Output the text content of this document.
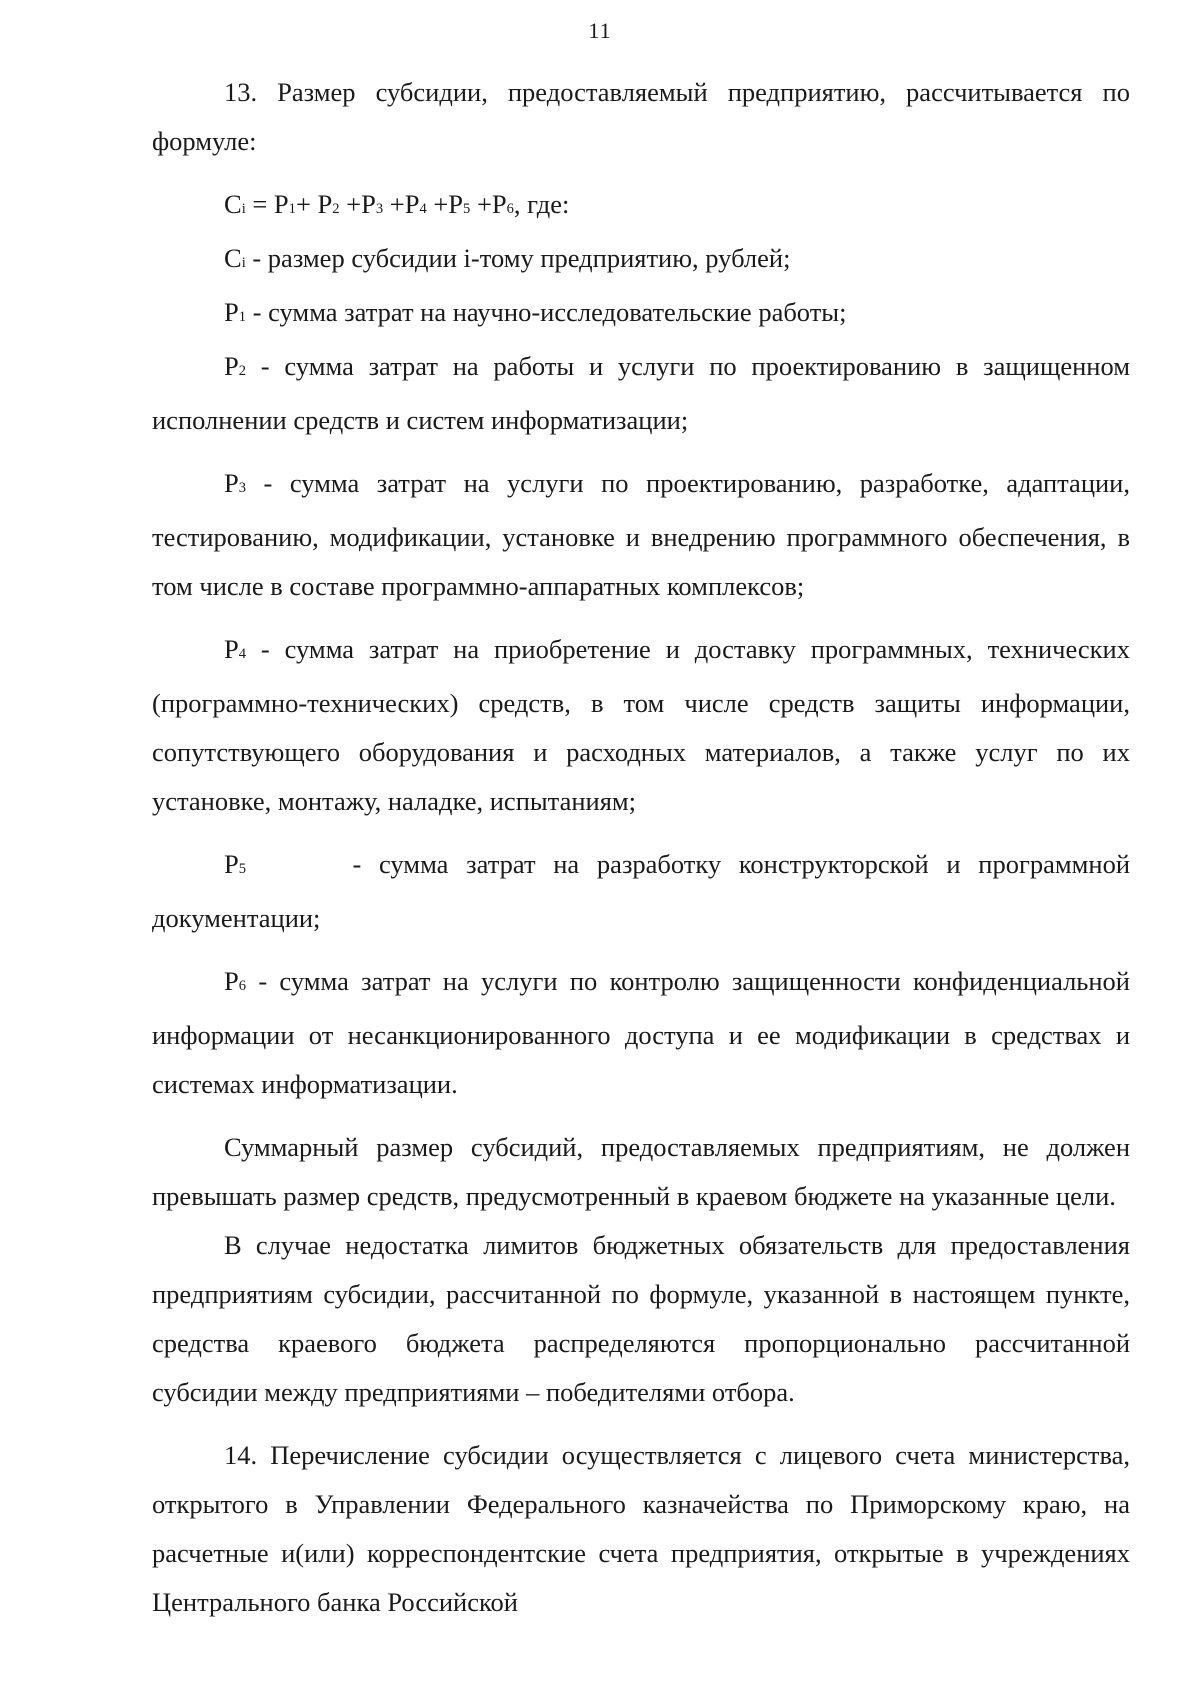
11

13. Размер субсидии, предоставляемый предприятию, рассчитывается по формуле:

Ci = P1+ P2 +P3 +P4 +P5 +P6, где:

Ci - размер субсидии i-тому предприятию, рублей;

P1 - сумма затрат на научно-исследовательские работы;

P2 - сумма затрат на работы и услуги по проектированию в защищенном исполнении средств и систем информатизации;

P3 - сумма затрат на услуги по проектированию, разработке, адаптации, тестированию, модификации, установке и внедрению программного обеспечения, в том числе в составе программно-аппаратных комплексов;

P4 - сумма затрат на приобретение и доставку программных, технических (программно-технических) средств, в том числе средств защиты информации, сопутствующего оборудования и расходных материалов, а также услуг по их установке, монтажу, наладке, испытаниям;

P5      - сумма затрат на разработку конструкторской и программной документации;

P6 - сумма затрат на услуги по контролю защищенности конфиденциальной информации от несанкционированного доступа и ее модификации в средствах и системах информатизации.

Суммарный размер субсидий, предоставляемых предприятиям, не должен превышать размер средств, предусмотренный в краевом бюджете на указанные цели.

В случае недостатка лимитов бюджетных обязательств для предоставления предприятиям субсидии, рассчитанной по формуле, указанной в настоящем пункте, средства краевого бюджета распределяются пропорционально рассчитанной субсидии между предприятиями – победителями отбора.

14. Перечисление субсидии осуществляется с лицевого счета министерства, открытого в Управлении Федерального казначейства по Приморскому краю, на расчетные и(или) корреспондентские счета предприятия, открытые в учреждениях Центрального банка Российской
